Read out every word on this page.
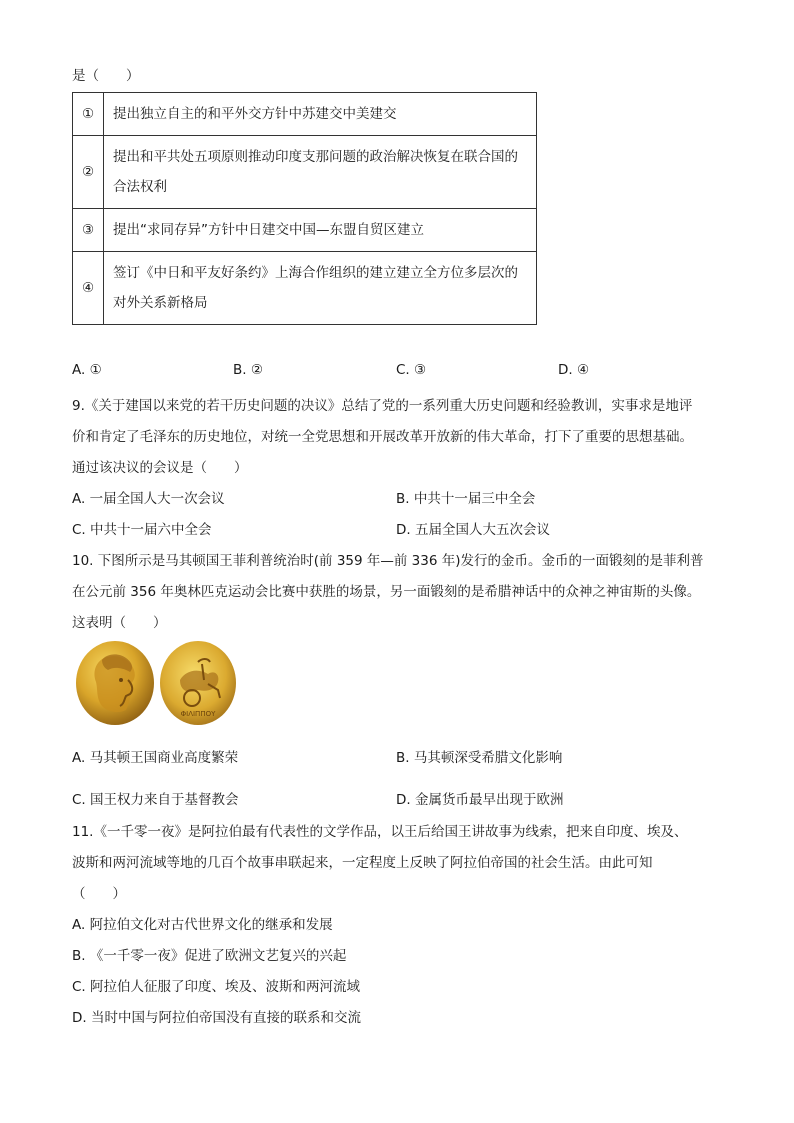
是（　　）
①	提出独立自主的和平外交方针中苏建交中美建交
②	提出和平共处五项原则推动印度支那问题的政治解决恢复在联合国的合法权利
③	提出“求同存异”方针中日建交中国—东盟自贸区建立
④	签订《中日和平友好条约》上海合作组织的建立建立全方位多层次的对外关系新格局
A. ①	B. ②	C. ③	D. ④
9.《关于建国以来党的若干历史问题的决议》总结了党的一系列重大历史问题和经验教训，实事求是地评
价和肯定了毛泽东的历史地位，对统一全党思想和开展改革开放新的伟大革命，打下了重要的思想基础。
通过该决议的会议是（　　）
A. 一届全国人大一次会议	B. 中共十一届三中全会
C. 中共十一届六中全会	D. 五届全国人大五次会议
10. 下图所示是马其顿国王菲利普统治时(前 359 年—前 336 年)发行的金币。金币的一面锻刻的是菲利普
在公元前 356 年奥林匹克运动会比赛中获胜的场景，另一面锻刻的是希腊神话中的众神之神宙斯的头像。
这表明（　　）
ΦΙΛΙΠΠΟΥ
A. 马其顿王国商业高度繁荣	B. 马其顿深受希腊文化影响
C. 国王权力来自于基督教会	D. 金属货币最早出现于欧洲
11.《一千零一夜》是阿拉伯最有代表性的文学作品，以王后给国王讲故事为线索，把来自印度、埃及、
波斯和两河流域等地的几百个故事串联起来，一定程度上反映了阿拉伯帝国的社会生活。由此可知
（　　）
A. 阿拉伯文化对古代世界文化的继承和发展
B. 《一千零一夜》促进了欧洲文艺复兴的兴起
C. 阿拉伯人征服了印度、埃及、波斯和两河流域
D. 当时中国与阿拉伯帝国没有直接的联系和交流
